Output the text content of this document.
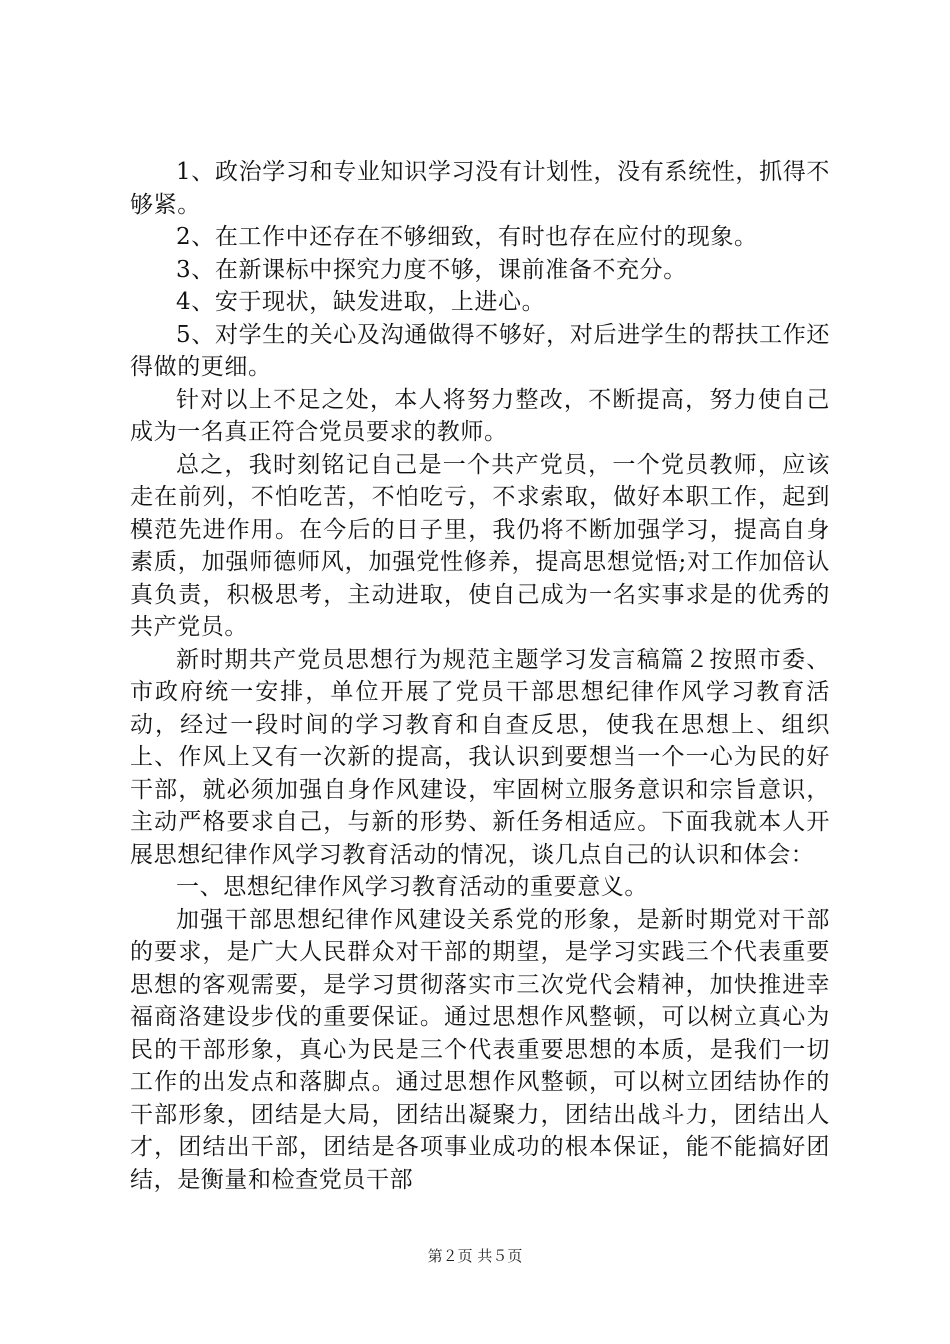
1、政治学习和专业知识学习没有计划性，没有系统性，抓得不够紧。

2、在工作中还存在不够细致，有时也存在应付的现象。

3、在新课标中探究力度不够，课前准备不充分。

4、安于现状，缺发进取，上进心。

5、对学生的关心及沟通做得不够好，对后进学生的帮扶工作还得做的更细。

针对以上不足之处，本人将努力整改，不断提高，努力使自己成为一名真正符合党员要求的教师。

总之，我时刻铭记自己是一个共产党员，一个党员教师，应该走在前列，不怕吃苦，不怕吃亏，不求索取，做好本职工作，起到模范先进作用。在今后的日子里，我仍将不断加强学习，提高自身素质，加强师德师风，加强党性修养，提高思想觉悟;对工作加倍认真负责，积极思考，主动进取，使自己成为一名实事求是的优秀的共产党员。

新时期共产党员思想行为规范主题学习发言稿篇２按照市委、市政府统一安排，单位开展了党员干部思想纪律作风学习教育活动，经过一段时间的学习教育和自查反思，使我在思想上、组织上、作风上又有一次新的提高，我认识到要想当一个一心为民的好干部，就必须加强自身作风建设，牢固树立服务意识和宗旨意识，主动严格要求自己，与新的形势、新任务相适应。下面我就本人开展思想纪律作风学习教育活动的情况，谈几点自己的认识和体会：

一、思想纪律作风学习教育活动的重要意义。

加强干部思想纪律作风建设关系党的形象，是新时期党对干部的要求，是广大人民群众对干部的期望，是学习实践三个代表重要思想的客观需要，是学习贯彻落实市三次党代会精神，加快推进幸福商洛建设步伐的重要保证。通过思想作风整顿，可以树立真心为民的干部形象，真心为民是三个代表重要思想的本质，是我们一切工作的出发点和落脚点。通过思想作风整顿，可以树立团结协作的干部形象，团结是大局，团结出凝聚力，团结出战斗力，团结出人才，团结出干部，团结是各项事业成功的根本保证，能不能搞好团结，是衡量和检查党员干部

第２页 共５页
